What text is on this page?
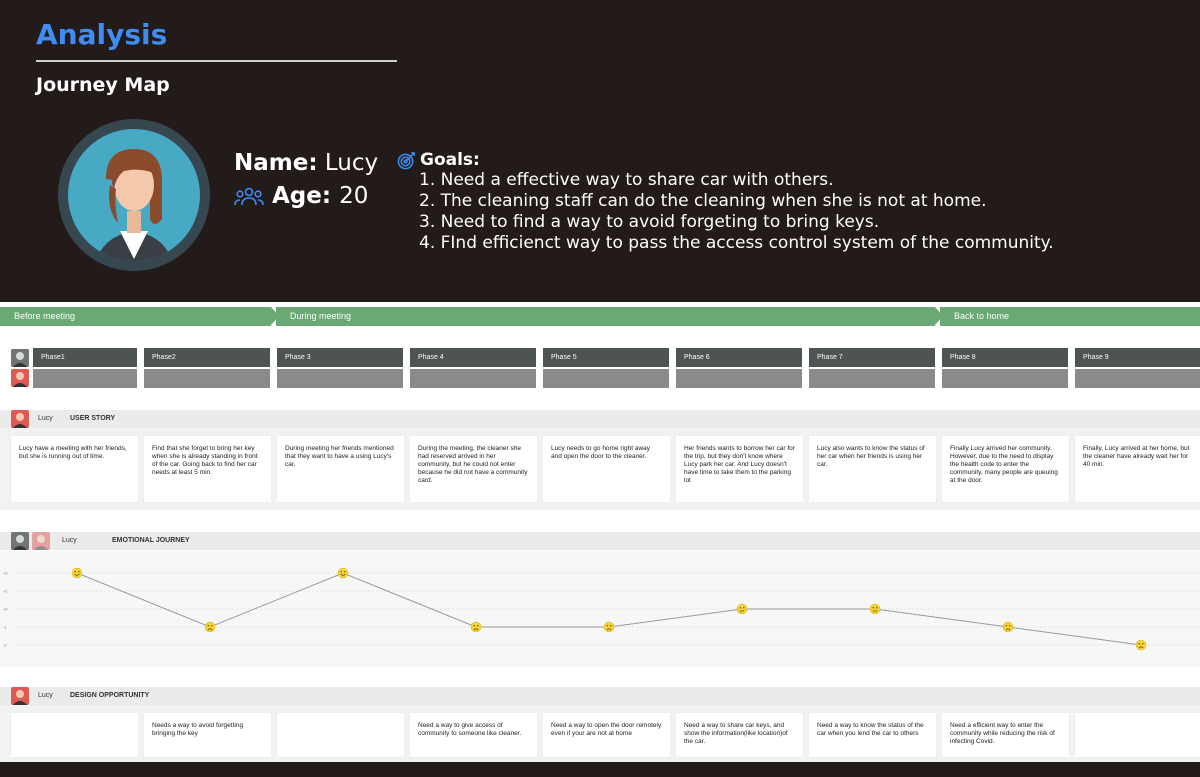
Analysis
Journey Map
Name: Lucy
Age: 20
Goals:
1. Need a effective way to share car with others.
2. The cleaning staff can do the cleaning when she is not at home.
3. Need to find a way to avoid forgeting to bring keys.
4. FInd efficienct way to pass the access control system of the community.
Before meeting	During meeting	Back to home
Phase1	Phase2	Phase 3	Phase 4	Phase 5	Phase 6	Phase 7	Phase 8	Phase 9
Lucy USER STORY
Lucy have a meeting with her friends, but she is running out of time.
Find that she forget to bring her key when she is already standing in front of the car. Going back to find her car needs at least 5 min.
During meeting her friends mentioned that they want to have a using Lucy's car.
During the meeting, the cleaner she had reserved arrived in her community, but he could not enter because he did not have a community card.
Lucy needs to go home right away and open the door to the cleaner.
Her friends wants to borrow her car for the trip, but they don't know where Lucy park her car. And Lucy doesn't have time to take them to the parking lot
Lucy also wants to know the status of her car when her friends is using her car.
Finally Lucy arrived her community. However, due to the need to display the health code to enter the community, many people are queuing at the door.
Finally, Lucy arrived at her home, but the cleaner have already wait her for 40 min.
Lucy	EMOTIONAL JOURNEY
+2
+1
+0
-1
-2
Lucy DESIGN OPPORTUNITY
Needs a way to avoid forgetting bringing the key
Need a way to give access of community to someone like cleaner.
Need a way to open the door remotely even if your are not at home
Need a way to share car keys, and show the information(like location)of the car.
Need a way to know the status of the car when you lend the car to others
Need a efficient way to enter the community while reducing the risk of infecting Covid.
